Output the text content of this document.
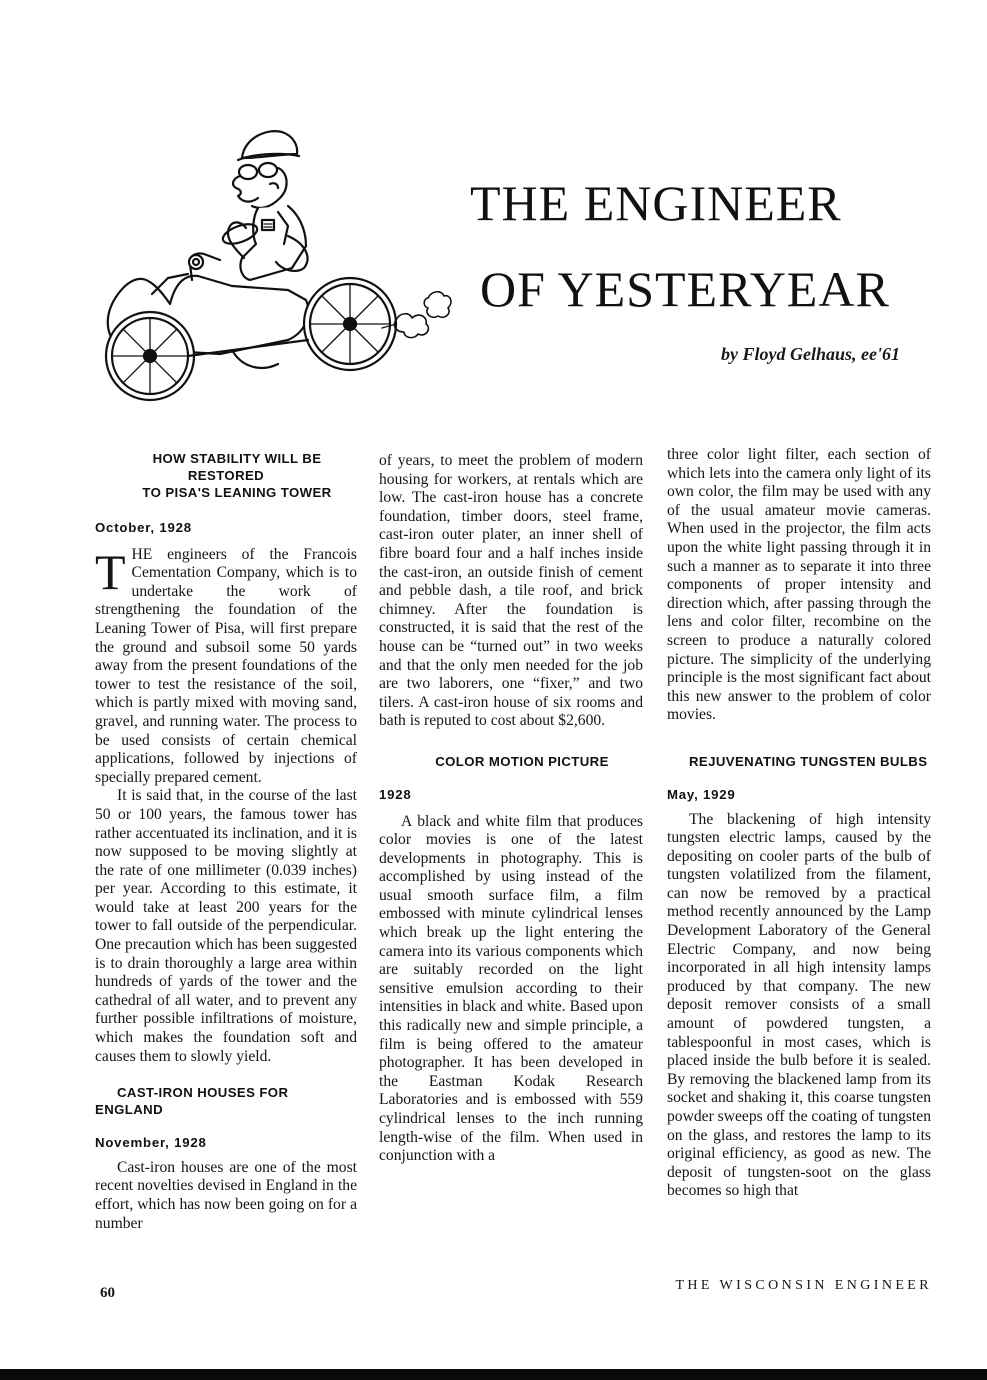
THE ENGINEER
OF YESTERYEAR
by Floyd Gelhaus, ee'61

HOW STABILITY WILL BE RESTORED

TO PISA'S LEANING TOWER

October, 1928

THE engineers of the Francois Cementation Company, which is to undertake the work of strengthening the foundation of the Leaning Tower of Pisa, will first prepare the ground and subsoil some 50 yards away from the present foundations of the tower to test the resistance of the soil, which is partly mixed with moving sand, gravel, and running water. The process to be used consists of certain chemical applications, followed by injections of specially prepared cement.

It is said that, in the course of the last 50 or 100 years, the famous tower has rather accentuated its inclination, and it is now supposed to be moving slightly at the rate of one millimeter (0.039 inches) per year. According to this estimate, it would take at least 200 years for the tower to fall outside of the perpendicular. One precaution which has been suggested is to drain thoroughly a large area within hundreds of yards of the tower and the cathedral of all water, and to prevent any further possible infiltrations of moisture, which makes the foundation soft and causes them to slowly yield.

CAST-IRON HOUSES FOR ENGLAND

November, 1928

Cast-iron houses are one of the most recent novelties devised in England in the effort, which has now been going on for a number

of years, to meet the problem of modern housing for workers, at rentals which are low. The cast-iron house has a concrete foundation, timber doors, steel frame, cast-iron outer plater, an inner shell of fibre board four and a half inches inside the cast-iron, an outside finish of cement and pebble dash, a tile roof, and brick chimney. After the foundation is constructed, it is said that the rest of the house can be “turned out” in two weeks and that the only men needed for the job are two laborers, one “fixer,” and two tilers. A cast-iron house of six rooms and bath is reputed to cost about $2,600.

COLOR MOTION PICTURE

1928

A black and white film that produces color movies is one of the latest developments in photography. This is accomplished by using instead of the usual smooth surface film, a film embossed with minute cylindrical lenses which break up the light entering the camera into its various components which are suitably recorded on the light sensitive emulsion according to their intensities in black and white. Based upon this radically new and simple principle, a film is being offered to the amateur photographer. It has been developed in the Eastman Kodak Research Laboratories and is embossed with 559 cylindrical lenses to the inch running length-wise of the film. When used in conjunction with a

three color light filter, each section of which lets into the camera only light of its own color, the film may be used with any of the usual amateur movie cameras. When used in the projector, the film acts upon the white light passing through it in such a manner as to separate it into three components of proper intensity and direction which, after passing through the lens and color filter, recombine on the screen to produce a naturally colored picture. The simplicity of the underlying principle is the most significant fact about this new answer to the problem of color movies.

REJUVENATING TUNGSTEN BULBS

May, 1929

The blackening of high intensity tungsten electric lamps, caused by the depositing on cooler parts of the bulb of tungsten volatilized from the filament, can now be removed by a practical method recently announced by the Lamp Development Laboratory of the General Electric Company, and now being incorporated in all high intensity lamps produced by that company. The new deposit remover consists of a small amount of powdered tungsten, a tablespoonful in most cases, which is placed inside the bulb before it is sealed. By removing the blackened lamp from its socket and shaking it, this coarse tungsten powder sweeps off the coating of tungsten on the glass, and restores the lamp to its original efficiency, as good as new. The deposit of tungsten-soot on the glass becomes so high that

60	THE WISCONSIN ENGINEER
